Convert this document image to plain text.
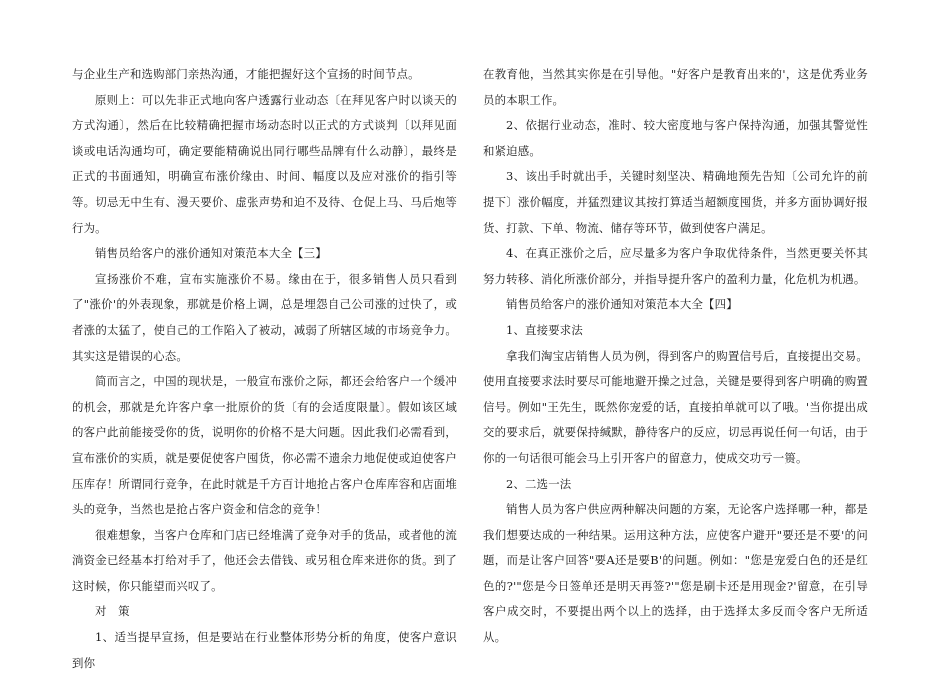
与企业生产和选购部门亲热沟通，才能把握好这个宣扬的时间节点。

原则上：可以先非正式地向客户透露行业动态〔在拜见客户时以谈天的方式沟通〕，然后在比较精确把握市场动态时以正式的方式谈判〔以拜见面谈或电话沟通均可，确定要能精确说出同行哪些品牌有什么动静〕，最终是正式的书面通知，明确宣布涨价缘由、时间、幅度以及应对涨价的指引等等。切忌无中生有、漫天要价、虚张声势和迫不及待、仓促上马、马后炮等行为。

销售员给客户的涨价通知对策范本大全【三】

宣扬涨价不难，宣布实施涨价不易。缘由在于，很多销售人员只看到了"涨价'的外表现象，那就是价格上调，总是埋怨自己公司涨的过快了，或者涨的太猛了，使自己的工作陷入了被动，减弱了所辖区域的市场竞争力。其实这是错误的心态。

简而言之，中国的现状是，一般宣布涨价之际，都还会给客户一个缓冲的机会，那就是允许客户拿一批原价的货〔有的会适度限量〕。假如该区域的客户此前能接受你的货，说明你的价格不是大问题。因此我们必需看到，宣布涨价的实质，就是要促使客户囤货，你必需不遗余力地促使或迫使客户压库存！所谓同行竞争，在此时就是千方百计地抢占客户仓库库容和店面堆头的竞争，当然也是抢占客户资金和信念的竞争！

很难想象，当客户仓库和门店已经堆满了竞争对手的货品，或者他的流淌资金已经基本打给对手了，他还会去借钱、或另租仓库来进你的货。到了这时候，你只能望而兴叹了。

对　策

1、适当提早宣扬，但是要站在行业整体形势分析的角度，使客户意识到你

在教育他，当然其实你是在引导他。"好客户是教育出来的'，这是优秀业务员的本职工作。

2、依据行业动态，准时、较大密度地与客户保持沟通，加强其警觉性和紧迫感。

3、该出手时就出手，关键时刻坚决、精确地预先告知〔公司允许的前提下〕涨价幅度，并猛烈建议其按打算适当超额度囤货，并多方面协调好报货、打款、下单、物流、储存等环节，做到使客户满足。

4、在真正涨价之后，应尽量多为客户争取优待条件，当然更要关怀其努力转移、消化所涨价部分，并指导提升客户的盈利力量，化危机为机遇。

销售员给客户的涨价通知对策范本大全【四】

1、直接要求法

拿我们淘宝店销售人员为例，得到客户的购置信号后，直接提出交易。使用直接要求法时要尽可能地避开操之过急，关键是要得到客户明确的购置信号。例如"王先生，既然你宠爱的话，直接拍单就可以了哦。'当你提出成交的要求后，就要保持缄默，静待客户的反应，切忌再说任何一句话，由于你的一句话很可能会马上引开客户的留意力，使成交功亏一篑。

2、二选一法

销售人员为客户供应两种解决问题的方案，无论客户选择哪一种，都是我们想要达成的一种结果。运用这种方法，应使客户避开"要还是不要'的问题，而是让客户回答"要A还是要B'的问题。例如："您是宠爱白色的还是红色的?'"您是今日签单还是明天再签?'"您是刷卡还是用现金?'留意，在引导客户成交时，不要提出两个以上的选择，由于选择太多反而令客户无所适从。
